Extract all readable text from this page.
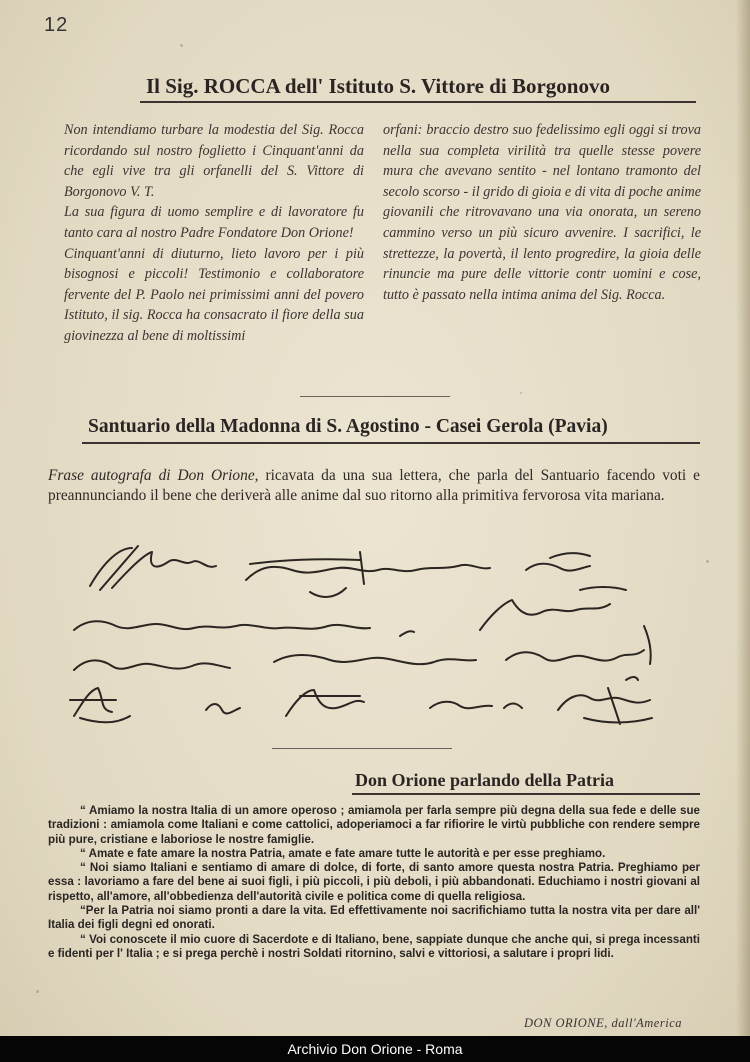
12
Il Sig. ROCCA dell' Istituto S. Vittore di Borgonovo

Non intendiamo turbare la modestia del Sig. Rocca ricordando sul nostro foglietto i Cinquant'anni da che egli vive tra gli orfanelli del S. Vittore di Borgonovo V. T.

La sua figura di uomo semplire e di lavoratore fu tanto cara al nostro Padre Fondatore Don Orione!

Cinquant'anni di diuturno, lieto lavoro per i più bisognosi e piccoli! Testimonio e collaboratore fervente del P. Paolo nei primissimi anni del povero Istituto, il sig. Rocca ha consacrato il fiore della sua giovinezza al bene di moltissimi

orfani: braccio destro suo fedelissimo egli oggi si trova nella sua completa virilità tra quelle stesse povere mura che avevano sentito - nel lontano tramonto del secolo scorso - il grido di gioia e di vita di poche anime giovanili che ritrovavano una via onorata, un sereno cammino verso un più sicuro avvenire. I sacrifici, le strettezze, la povertà, il lento progredire, la gioia delle rinuncie ma pure delle vittorie contr uomini e cose, tutto è passato nella intima anima del Sig. Rocca.

Santuario della Madonna di S. Agostino - Casei Gerola (Pavia)
Frase autografa di Don Orione, ricavata da una sua lettera, che parla del Santuario facendo voti e preannunciando il bene che deriverà alle anime dal suo ritorno alla primitiva fervorosa vita mariana.
Don Orione parlando della Patria

“ Amiamo la nostra Italia di un amore operoso ; amiamola per farla sempre più degna della sua fede e delle sue tradizioni : amiamola come Italiani e come cattolici, adoperiamoci a far rifiorire le virtù pubbliche con rendere sempre più pure, cristiane e laboriose le nostre famiglie.

“ Amate e fate amare la nostra Patria, amate e fate amare tutte le autorità e per esse preghiamo.

“ Noi siamo Italiani e sentiamo di amare di dolce, di forte, di santo amore questa nostra Patria. Preghiamo per essa : lavoriamo a fare del bene ai suoi figli, i più piccoli, i più deboli, i più abbandonati. Educhiamo i nostri giovani al rispetto, all'amore, all'obbedienza dell'autorità civile e politica come di quella religiosa.

“Per la Patria noi siamo pronti a dare la vita. Ed effettivamente noi sacrifichiamo tutta la nostra vita per dare all' Italia dei figli degni ed onorati.

“ Voi conoscete il mio cuore di Sacerdote e di Italiano, bene, sappiate dunque che anche qui, si prega incessanti e fidenti per l' Italia ; e si prega perchè i nostri Soldati ritornino, salvi e vittoriosi, a salutare i propri lidi.

DON ORIONE, dall'America
Archivio Don Orione - Roma
